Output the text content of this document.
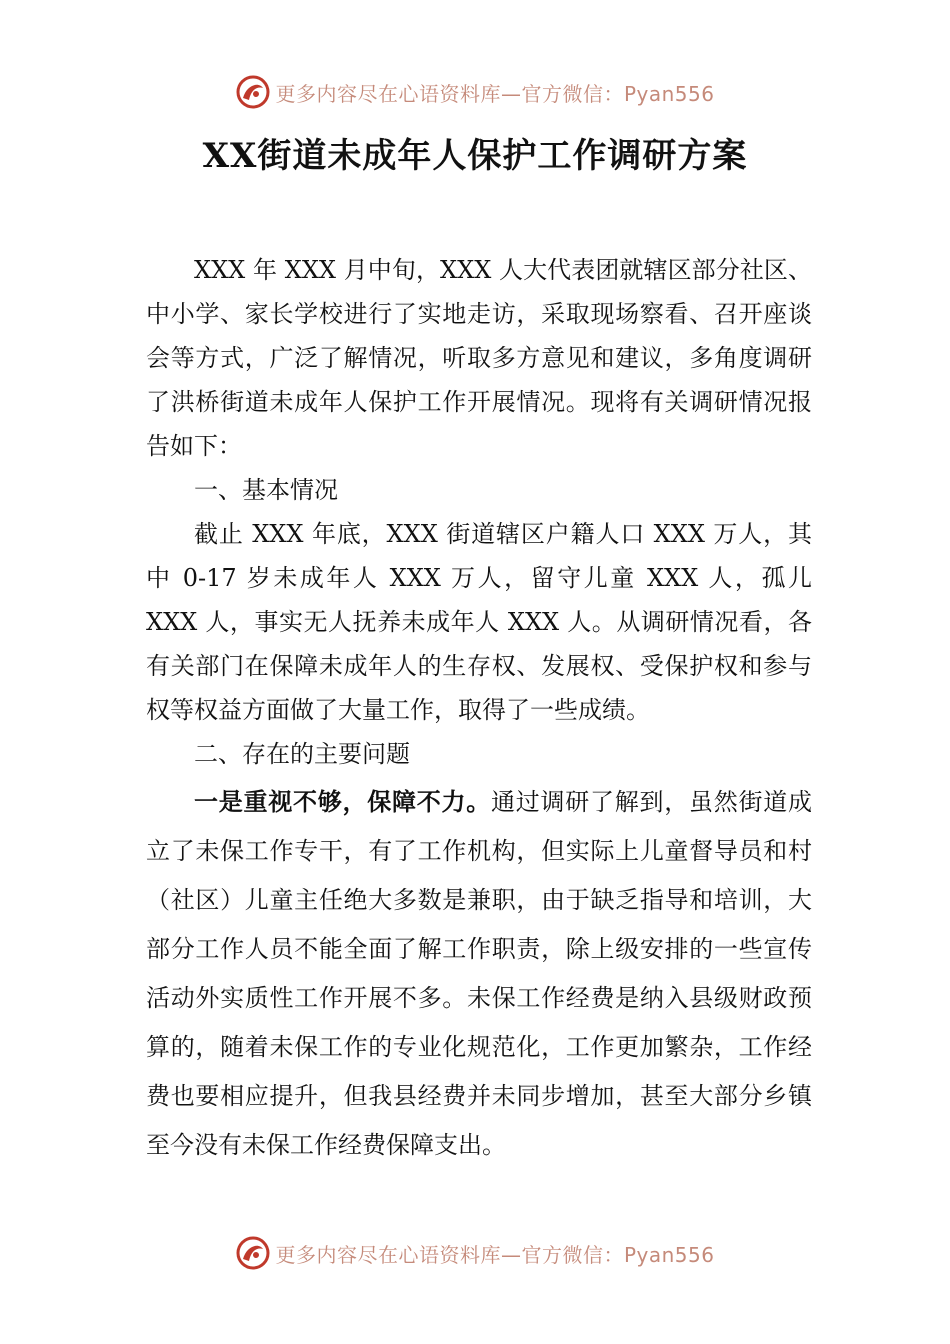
更多内容尽在心语资料库—官方微信：Pyan556
XX街道未成年人保护工作调研方案

XXX 年 XXX 月中旬，XXX 人大代表团就辖区部分社区、中小学、家长学校进行了实地走访，采取现场察看、召开座谈会等方式，广泛了解情况，听取多方意见和建议，多角度调研了洪桥街道未成年人保护工作开展情况。现将有关调研情况报告如下：

一、基本情况

截止 XXX 年底，XXX 街道辖区户籍人口 XXX 万人，其中 0-17 岁未成年人 XXX 万人，留守儿童 XXX 人，孤儿 XXX 人，事实无人抚养未成年人 XXX 人。从调研情况看，各有关部门在保障未成年人的生存权、发展权、受保护权和参与权等权益方面做了大量工作，取得了一些成绩。

二、存在的主要问题

一是重视不够，保障不力。通过调研了解到，虽然街道成立了未保工作专干，有了工作机构，但实际上儿童督导员和村（社区）儿童主任绝大多数是兼职，由于缺乏指导和培训，大部分工作人员不能全面了解工作职责，除上级安排的一些宣传活动外实质性工作开展不多。未保工作经费是纳入县级财政预算的，随着未保工作的专业化规范化，工作更加繁杂，工作经费也要相应提升，但我县经费并未同步增加，甚至大部分乡镇至今没有未保工作经费保障支出。

更多内容尽在心语资料库—官方微信：Pyan556
